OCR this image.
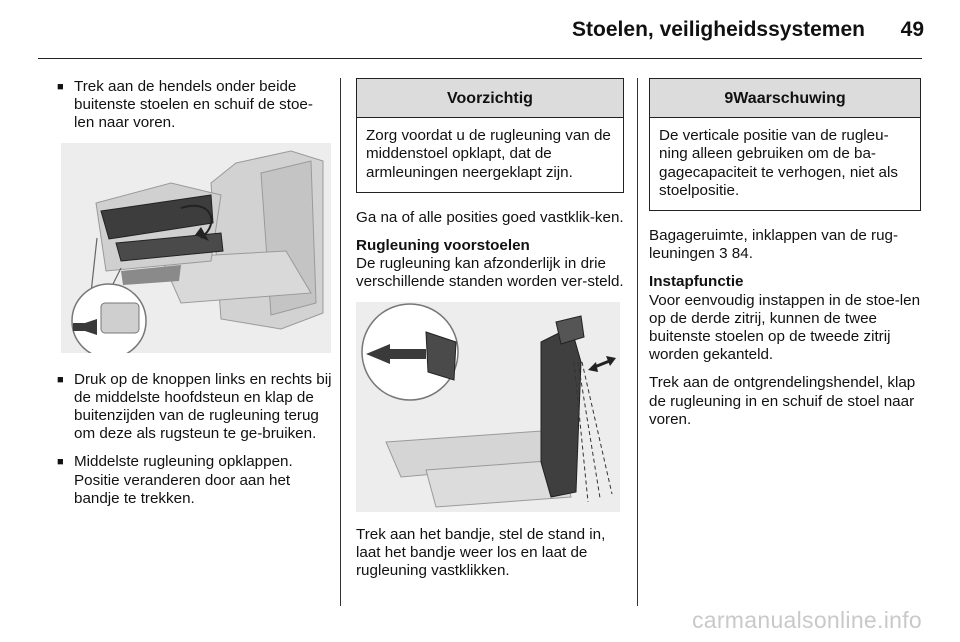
Stoelen, veiligheidssystemen 49
■ Trek aan de hendels onder beide buitenste stoelen en schuif de stoe-len naar voren.
■ Druk op de knoppen links en rechts bij de middelste hoofdsteun en klap de buitenzijden van de rugleuning terug om deze als rugsteun te ge-bruiken.
■ Middelste rugleuning opklappen. Positie veranderen door aan het bandje te trekken.
Voorzichtig
Zorg voordat u de rugleuning van de middenstoel opklapt, dat de armleuningen neergeklapt zijn.

Ga na of alle posities goed vastklik-ken.

Rugleuning voorstoelen

De rugleuning kan afzonderlijk in drie verschillende standen worden ver-steld.

Trek aan het bandje, stel de stand in, laat het bandje weer los en laat de rugleuning vastklikken.

9Waarschuwing
De verticale positie van de rugleu-ning alleen gebruiken om de ba-gagecapaciteit te verhogen, niet als stoelpositie.

Bagageruimte, inklappen van de rug-leuningen 3 84.

Instapfunctie

Voor eenvoudig instappen in de stoe-len op de derde zitrij, kunnen de twee buitenste stoelen op de tweede zitrij worden gekanteld.

Trek aan de ontgrendelingshendel, klap de rugleuning in en schuif de stoel naar voren.

carmanualsonline.info
